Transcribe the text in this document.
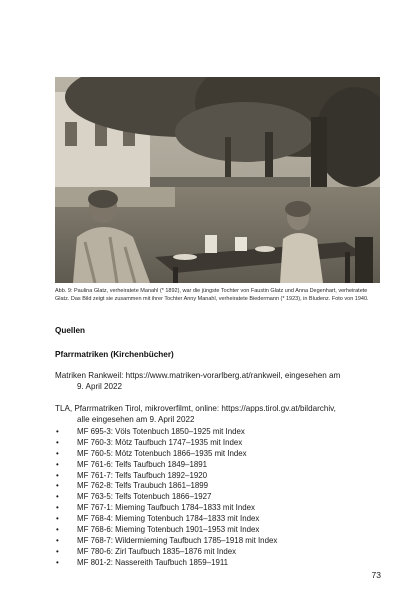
Abb. 9: Paulina Glatz, verheiratete Manahl (* 1892), war die jüngste Tochter von Faustin Glatz und Anna Degenhart, verheiratete Glatz. Das Bild zeigt sie zusammen mit ihrer Tochter Anny Manahl, verheiratete Biedermann (* 1923), in Bludenz. Foto von 1940.
Quellen
Pfarrmatriken (Kirchenbücher)
Matriken Rankweil: https://www.matriken-vorarlberg.at/rankweil, eingesehen am
9. April 2022
TLA, Pfarrmatriken Tirol, mikroverfilmt, online: https://apps.tirol.gv.at/bildarchiv,
alle eingesehen am 9. April 2022
• MF 695-3: Völs Totenbuch 1850–1925 mit Index
• MF 760-3: Mötz Taufbuch 1747–1935 mit Index
• MF 760-5: Mötz Totenbuch 1866–1935 mit Index
• MF 761-6: Telfs Taufbuch 1849–1891
• MF 761-7: Telfs Taufbuch 1892–1920
• MF 762-8: Telfs Traubuch 1861–1899
• MF 763-5: Telfs Totenbuch 1866–1927
• MF 767-1: Mieming Taufbuch 1784–1833 mit Index
• MF 768-4: Mieming Totenbuch 1784–1833 mit Index
• MF 768-6: Mieming Totenbuch 1901–1953 mit Index
• MF 768-7: Wildermieming Taufbuch 1785–1918 mit Index
• MF 780-6: Zirl Taufbuch 1835–1876 mit Index
• MF 801-2: Nassereith Taufbuch 1859–1911
73
